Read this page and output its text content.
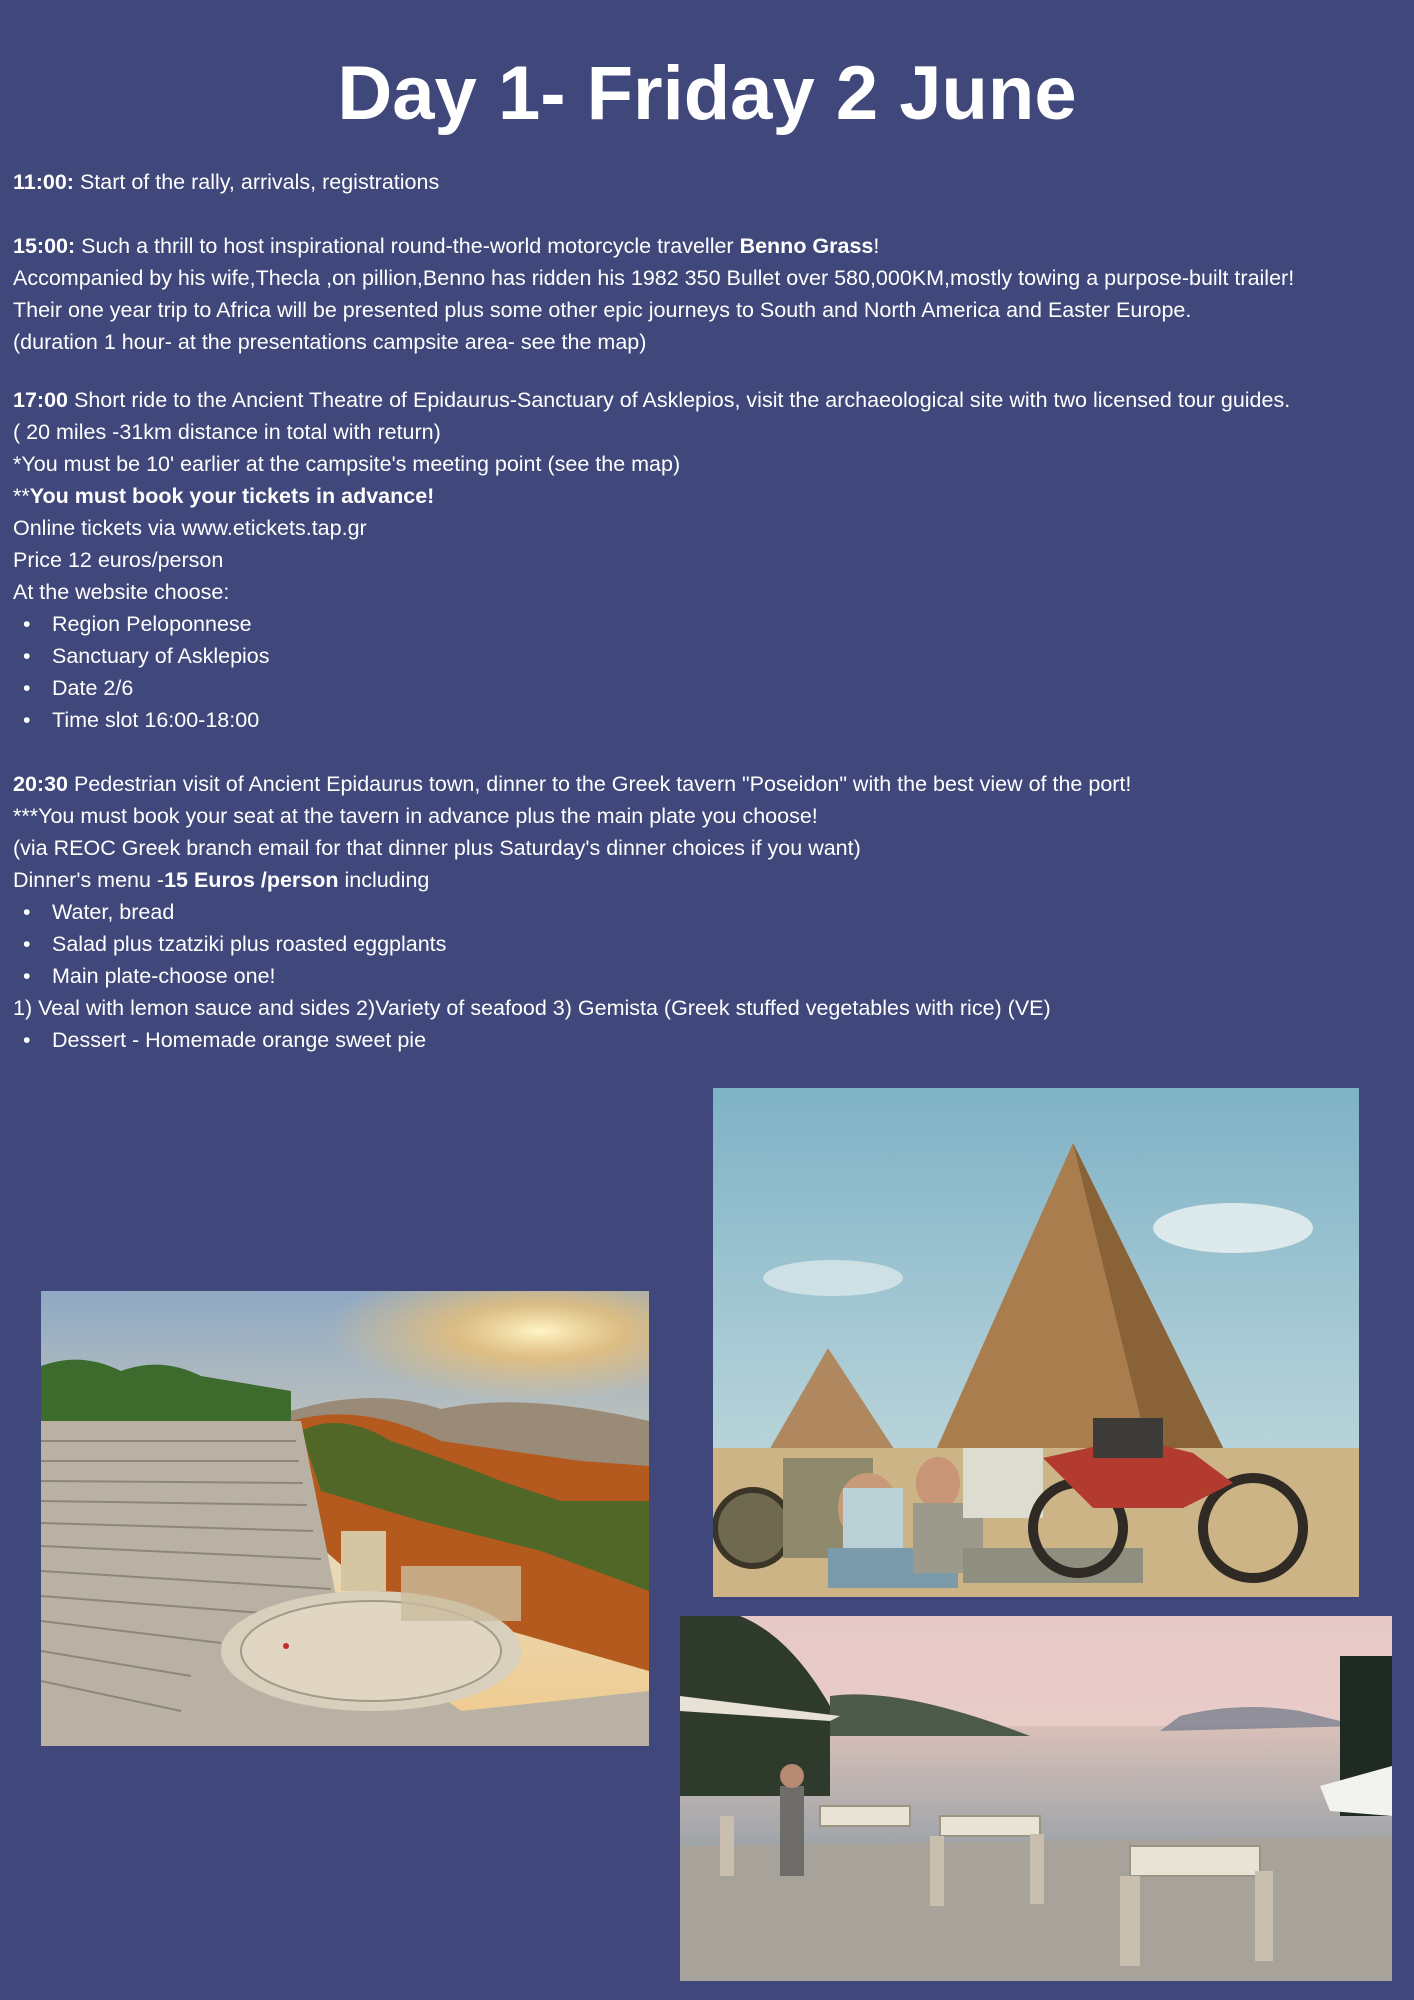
Day 1- Friday 2 June
11:00: Start of the rally, arrivals, registrations
15:00: Such a thrill to host inspirational round-the-world motorcycle traveller Benno Grass!
Accompanied by his wife,Thecla ,on pillion,Benno has ridden his 1982 350 Bullet over 580,000KM,mostly towing a purpose-built trailer!
Their one year trip to Africa will be presented plus some other epic journeys to South and North America and Easter Europe.
(duration 1 hour- at the presentations campsite area- see the map)
17:00 Short ride to the Ancient Theatre of Epidaurus-Sanctuary of Asklepios, visit the archaeological site with two licensed tour guides.
( 20 miles -31km distance in total with return)
*You must be 10' earlier at the campsite's meeting point (see the map)
**You must book your tickets in advance!
Online tickets via www.etickets.tap.gr
Price 12 euros/person
At the website choose:
• Region Peloponnese
• Sanctuary of Asklepios
• Date 2/6
• Time slot 16:00-18:00
20:30 Pedestrian visit of Ancient Epidaurus town, dinner to the Greek tavern "Poseidon" with the best view of the port!
***You must book your seat at the tavern in advance plus the main plate you choose!
(via REOC Greek branch email for that dinner plus Saturday's dinner choices if you want)
Dinner's menu -15 Euros /person including
• Water, bread
• Salad plus tzatziki plus roasted eggplants
• Main plate-choose one!
1) Veal with lemon sauce and sides 2)Variety of seafood 3) Gemista (Greek stuffed vegetables with rice) (VE)
• Dessert - Homemade orange sweet pie
